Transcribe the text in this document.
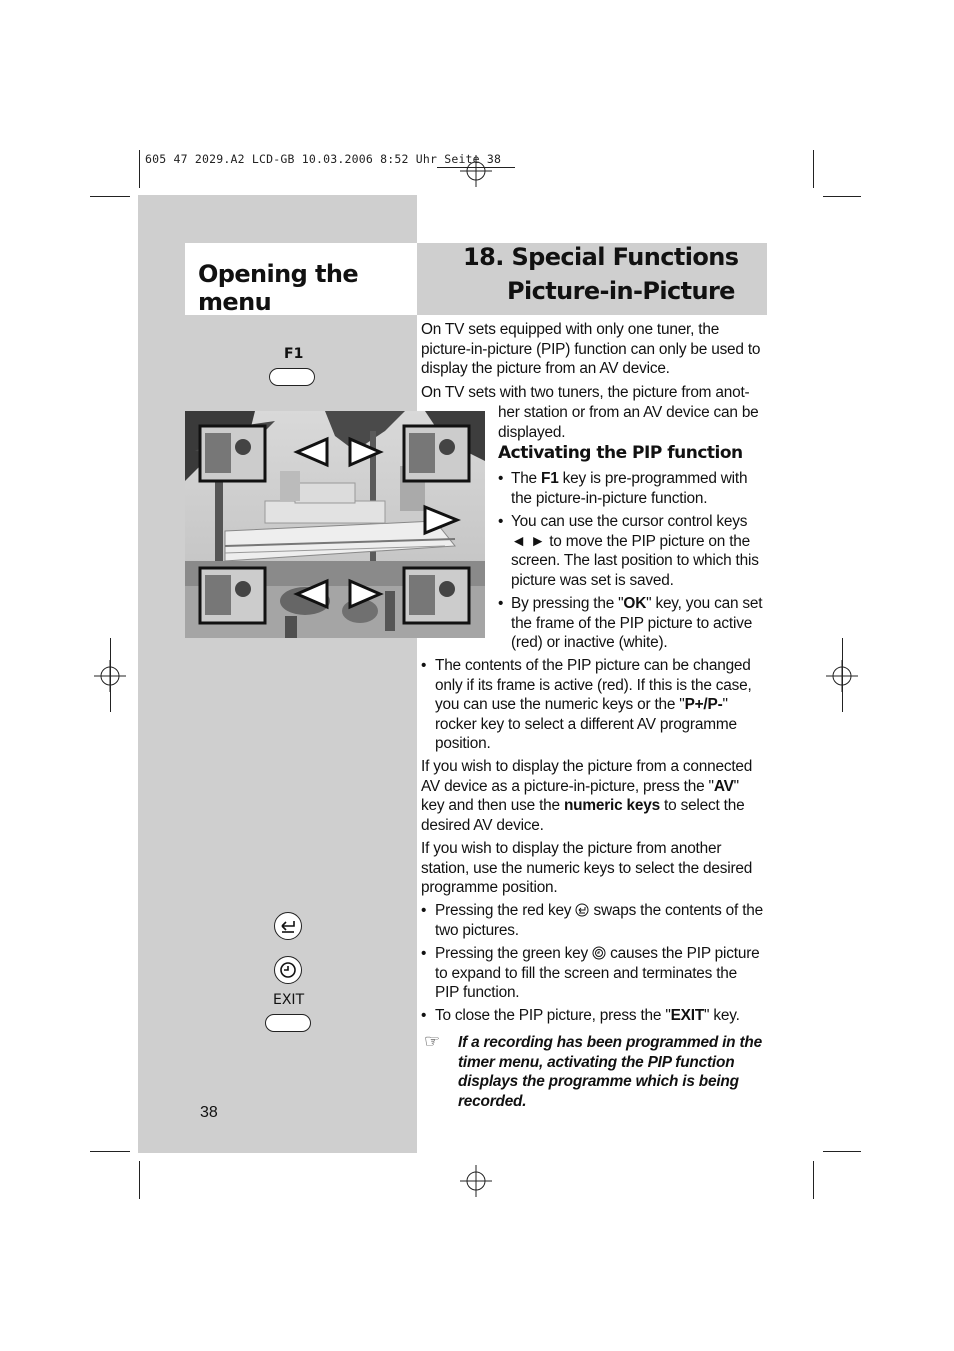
605 47 2029.A2 LCD-GB 10.03.2006 8:52 Uhr Seite 38
Opening the menu
18. Special Functions
Picture-in-Picture
F1
EXIT
38
On TV sets equipped with only one tuner, the picture-in-picture (PIP) function can only be used to display the picture from an AV device.
On TV sets with two tuners, the picture from anot-
her station or from an AV device can be displayed.
Activating the PIP function
• The F1 key is pre-programmed with the picture-in-picture function.
• You can use the cursor control keys ◄ ► to move the PIP picture on the screen. The last position to which this picture was set is saved.
• By pressing the "OK" key, you can set the frame of the PIP picture to active (red) or inactive (white).
• The contents of the PIP picture can be changed only if its frame is active (red). If this is the case, you can use the numeric keys or the "P+/P-" rocker key to select a different AV programme position.
If you wish to display the picture from a connected AV device as a picture-in-picture, press the "AV" key and then use the numeric keys to select the desired AV device.
If you wish to display the picture from another station, use the numeric keys to select the desired programme position.
• Pressing the red key  swaps the contents of the two pictures.
• Pressing the green key  causes the PIP picture to expand to fill the screen and terminates the PIP function.
• To close the PIP picture, press the "EXIT" key.
☞ If a recording has been programmed in the timer menu, activating the PIP function displays the programme which is being recorded.
